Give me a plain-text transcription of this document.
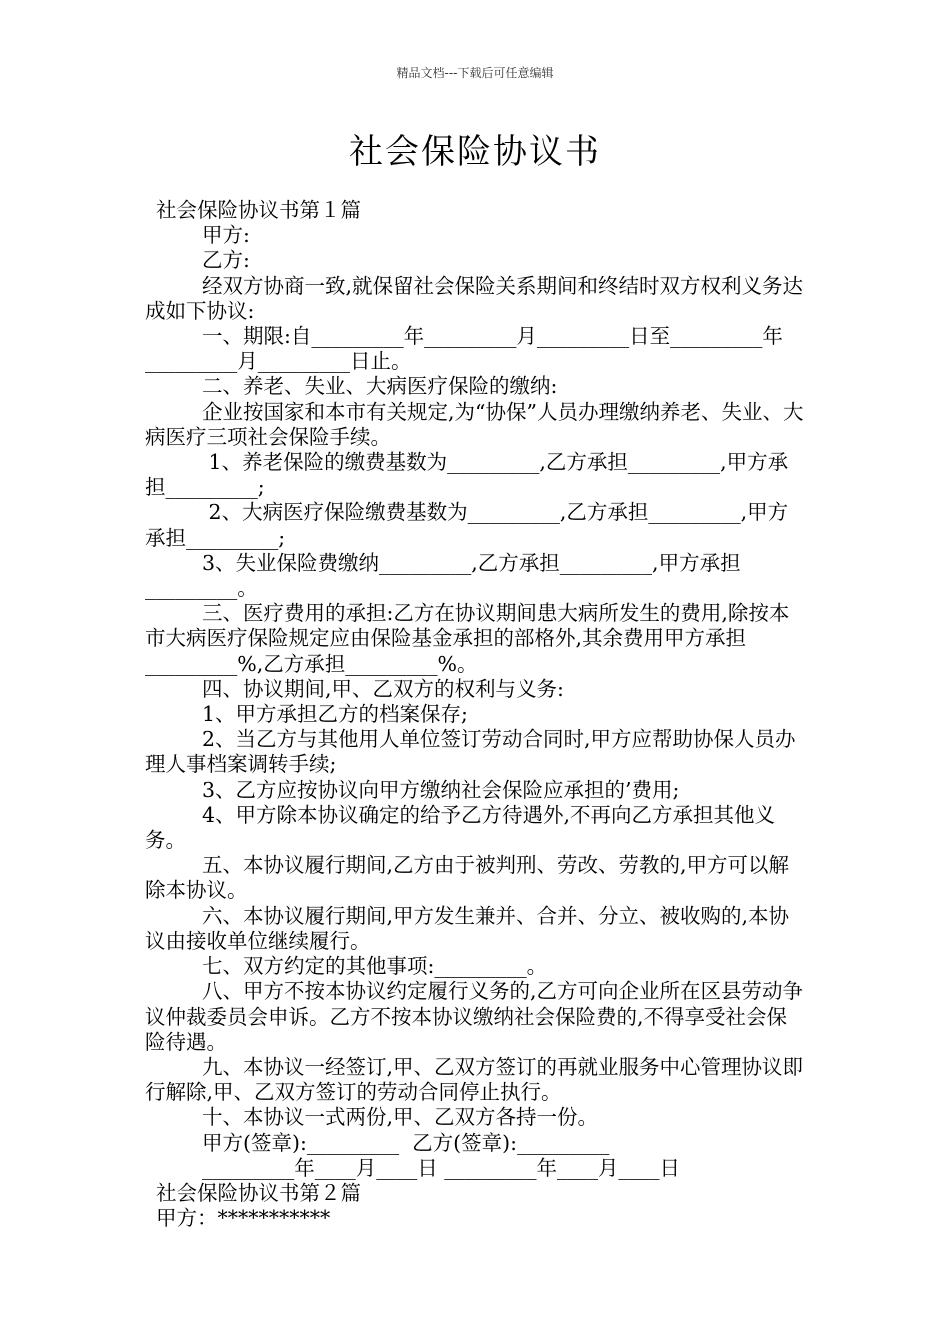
精品文档---下载后可任意编辑
社会保险协议书

社会保险协议书第１篇

甲方:

乙方:

经双方协商一致,就保留社会保险关系期间和终结时双方权利义务达成如下协议:

一、期限:自_________年_________月_________日至_________年_________月_________日止。

二、养老、失业、大病医疗保险的缴纳:

企业按国家和本市有关规定,为“协保”人员办理缴纳养老、失业、大病医疗三项社会保险手续。

1、养老保险的缴费基数为_________,乙方承担_________,甲方承担_________;

2、大病医疗保险缴费基数为_________,乙方承担_________,甲方承担_________;

3、失业保险费缴纳_________,乙方承担_________,甲方承担_________。

三、医疗费用的承担:乙方在协议期间患大病所发生的费用,除按本市大病医疗保险规定应由保险基金承担的部格外,其余费用甲方承担_________%,乙方承担_________%。

四、协议期间,甲、乙双方的权利与义务:

1、甲方承担乙方的档案保存;

2、当乙方与其他用人单位签订劳动合同时,甲方应帮助协保人员办理人事档案调转手续;

3、乙方应按协议向甲方缴纳社会保险应承担的’费用;

4、甲方除本协议确定的给予乙方待遇外,不再向乙方承担其他义务。

五、本协议履行期间,乙方由于被判刑、劳改、劳教的,甲方可以解除本协议。

六、本协议履行期间,甲方发生兼并、合并、分立、被收购的,本协议由接收单位继续履行。

七、双方约定的其他事项:_________。

八、甲方不按本协议约定履行义务的,乙方可向企业所在区县劳动争议仲裁委员会申诉。乙方不按本协议缴纳社会保险费的,不得享受社会保险待遇。

九、本协议一经签订,甲、乙双方签订的再就业服务中心管理协议即行解除,甲、乙双方签订的劳动合同停止执行。

十、本协议一式两份,甲、乙双方各持一份。

甲方(签章):_________  乙方(签章):_________

_________年____月____日 _________年____月____日

社会保险协议书第２篇

甲方：***********
